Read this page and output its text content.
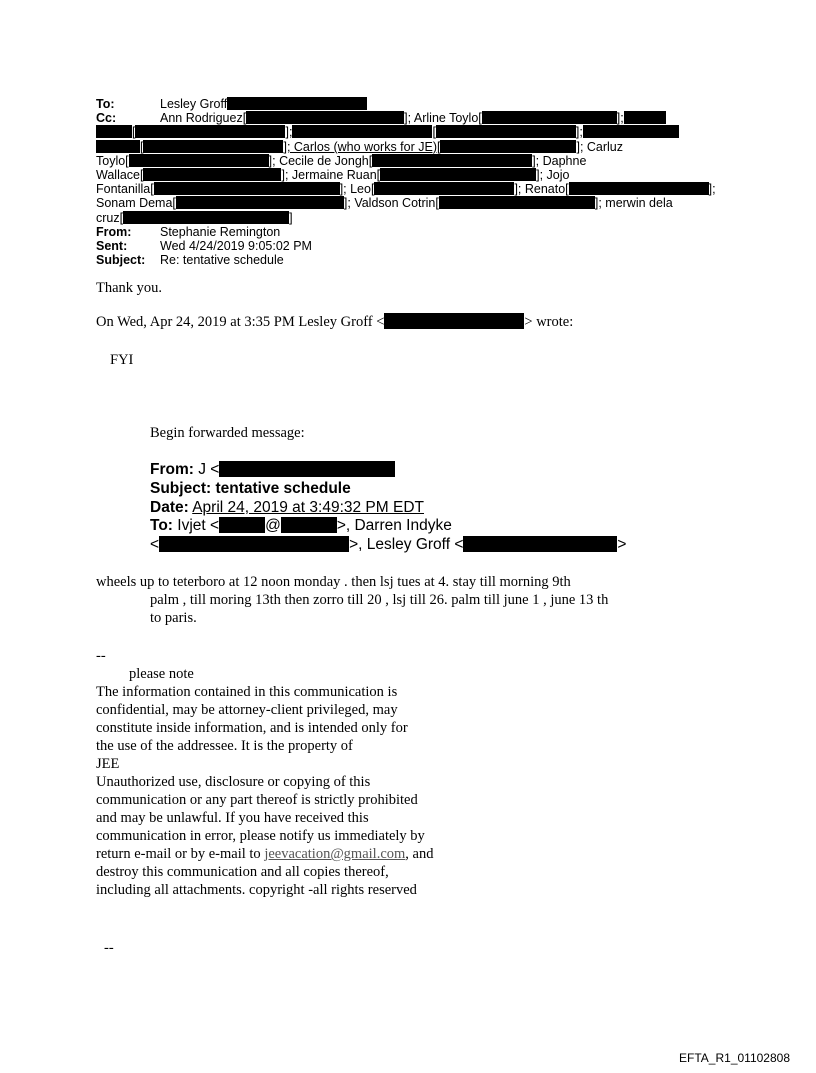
To:	Lesley Groff
Cc:	Ann Rodriguez[	]; Arline Toylo[	];
[	];	[	];
[	]; Carlos (who works for JE)[	]; Carluz
Toylo[	]; Cecile de Jongh[	]; Daphne
Wallace[	]; Jermaine Ruan[	]; Jojo
Fontanilla[	]; Leo[	]; Renato[	];
Sonam Dema[	]; Valdson Cotrin[	]; merwin dela
cruz[	]
From: Stephanie Remington
Sent:	Wed 4/24/2019 9:05:02 PM
Subject: Re: tentative schedule
Thank you.
On Wed, Apr 24, 2019 at 3:35 PM Lesley Groff <	> wrote:
FYI
Begin forwarded message:
From: J <
Subject: tentative schedule
Date: April 24, 2019 at 3:49:32 PM EDT
To: Ivjet <	@	>, Darren Indyke
<	>, Lesley Groff <	>
wheels up to teterboro at 12 noon monday . then lsj tues at 4. stay till morning 9th
palm , till moring 13th then zorro till 20 , lsj till 26. palm till june 1 , june 13 th
to paris.
--
please note
The information contained in this communication is
confidential, may be attorney-client privileged, may
constitute inside information, and is intended only for
the use of the addressee. It is the property of
JEE
Unauthorized use, disclosure or copying of this
communication or any part thereof is strictly prohibited
and may be unlawful. If you have received this
communication in error, please notify us immediately by
return e-mail or by e-mail to jeevacation@gmail.com, and
destroy this communication and all copies thereof,
including all attachments. copyright -all rights reserved
--
EFTA_R1_01102808
